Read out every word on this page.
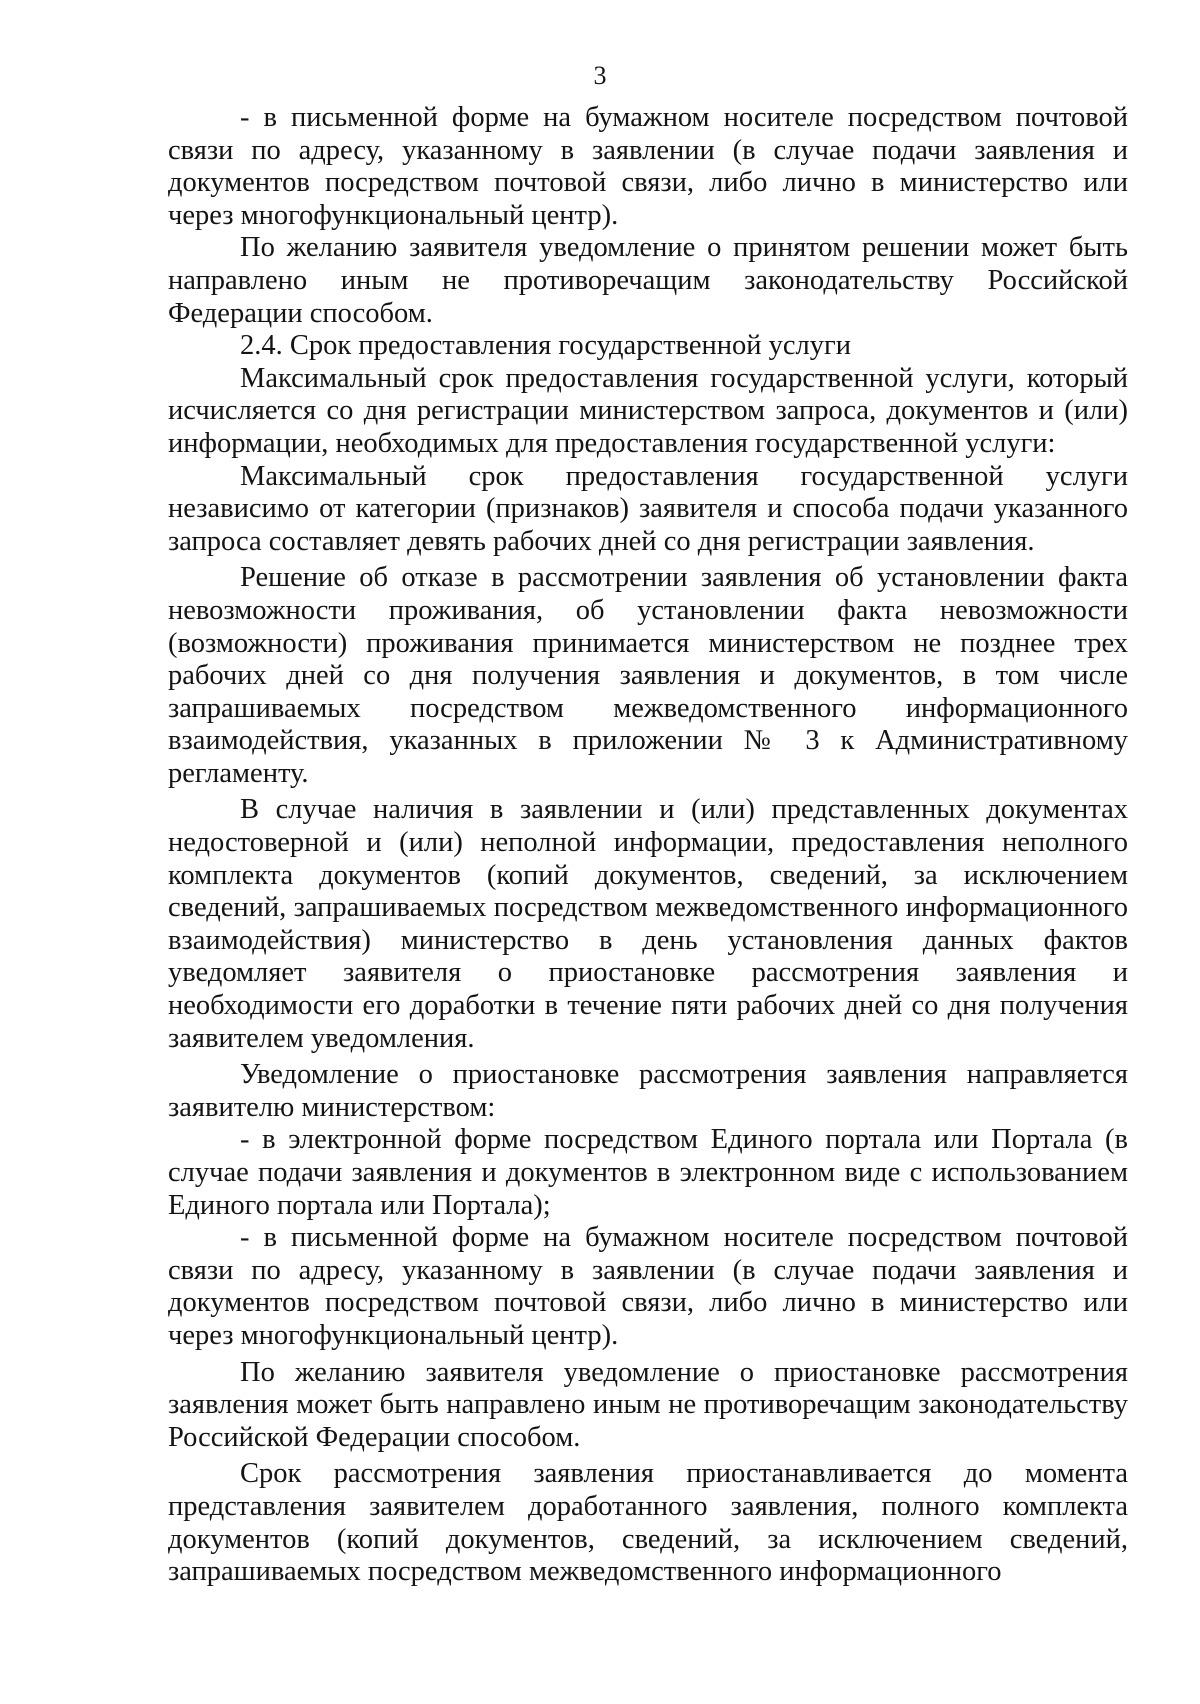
3

- в письменной форме на бумажном носителе посредством почтовой связи по адресу, указанному в заявлении (в случае подачи заявления и документов посредством почтовой связи, либо лично в министерство или через многофункциональный центр).

По желанию заявителя уведомление о принятом решении может быть направлено иным не противоречащим законодательству Российской Федерации способом.

2.4. Срок предоставления государственной услуги

Максимальный срок предоставления государственной услуги, который исчисляется со дня регистрации министерством запроса, документов и (или) информации, необходимых для предоставления государственной услуги:

Максимальный срок предоставления государственной услуги независимо от категории (признаков) заявителя и способа подачи указанного запроса составляет девять рабочих дней со дня регистрации заявления.

Решение об отказе в рассмотрении заявления об установлении факта невозможности проживания, об установлении факта невозможности (возможности) проживания принимается министерством не позднее трех рабочих дней со дня получения заявления и документов, в том числе запрашиваемых посредством межведомственного информационного взаимодействия, указанных в приложении № 3 к Административному регламенту.

В случае наличия в заявлении и (или) представленных документах недостоверной и (или) неполной информации, предоставления неполного комплекта документов (копий документов, сведений, за исключением сведений, запрашиваемых посредством межведомственного информационного взаимодействия) министерство в день установления данных фактов уведомляет заявителя о приостановке рассмотрения заявления и необходимости его доработки в течение пяти рабочих дней со дня получения заявителем уведомления.

Уведомление о приостановке рассмотрения заявления направляется заявителю министерством:

- в электронной форме посредством Единого портала или Портала (в случае подачи заявления и документов в электронном виде с использованием Единого портала или Портала);

- в письменной форме на бумажном носителе посредством почтовой связи по адресу, указанному в заявлении (в случае подачи заявления и документов посредством почтовой связи, либо лично в министерство или через многофункциональный центр).

По желанию заявителя уведомление о приостановке рассмотрения заявления может быть направлено иным не противоречащим законодательству Российской Федерации способом.

Срок рассмотрения заявления приостанавливается до момента представления заявителем доработанного заявления, полного комплекта документов (копий документов, сведений, за исключением сведений, запрашиваемых посредством межведомственного информационного
